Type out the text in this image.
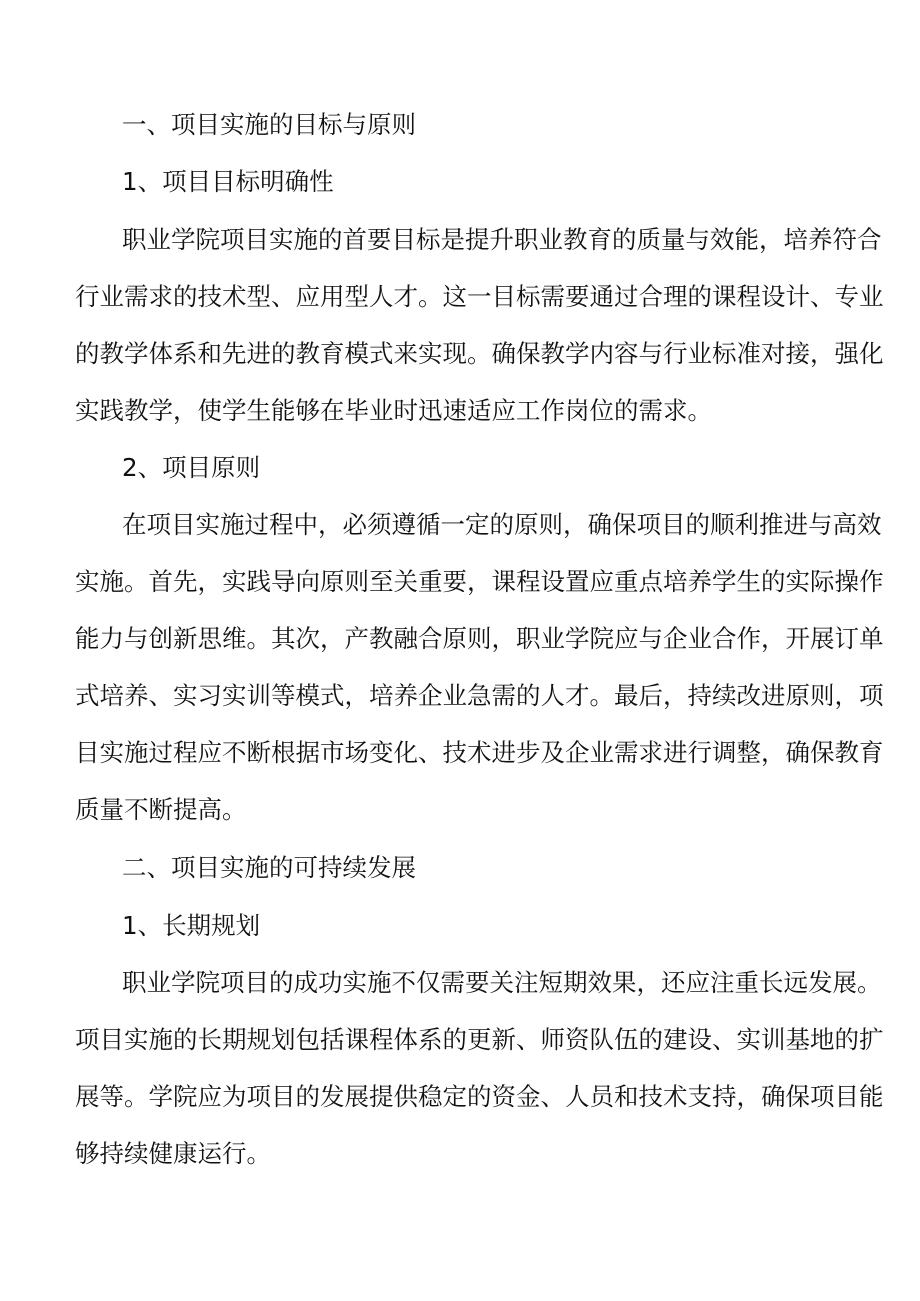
一、项目实施的目标与原则
1、项目目标明确性
职业学院项目实施的首要目标是提升职业教育的质量与效能，培养符合
行业需求的技术型、应用型人才。这一目标需要通过合理的课程设计、专业
的教学体系和先进的教育模式来实现。确保教学内容与行业标准对接，强化
实践教学，使学生能够在毕业时迅速适应工作岗位的需求。
2、项目原则
在项目实施过程中，必须遵循一定的原则，确保项目的顺利推进与高效
实施。首先，实践导向原则至关重要，课程设置应重点培养学生的实际操作
能力与创新思维。其次，产教融合原则，职业学院应与企业合作，开展订单
式培养、实习实训等模式，培养企业急需的人才。最后，持续改进原则，项
目实施过程应不断根据市场变化、技术进步及企业需求进行调整，确保教育
质量不断提高。
二、项目实施的可持续发展
1、长期规划
职业学院项目的成功实施不仅需要关注短期效果，还应注重长远发展。
项目实施的长期规划包括课程体系的更新、师资队伍的建设、实训基地的扩
展等。学院应为项目的发展提供稳定的资金、人员和技术支持，确保项目能
够持续健康运行。
